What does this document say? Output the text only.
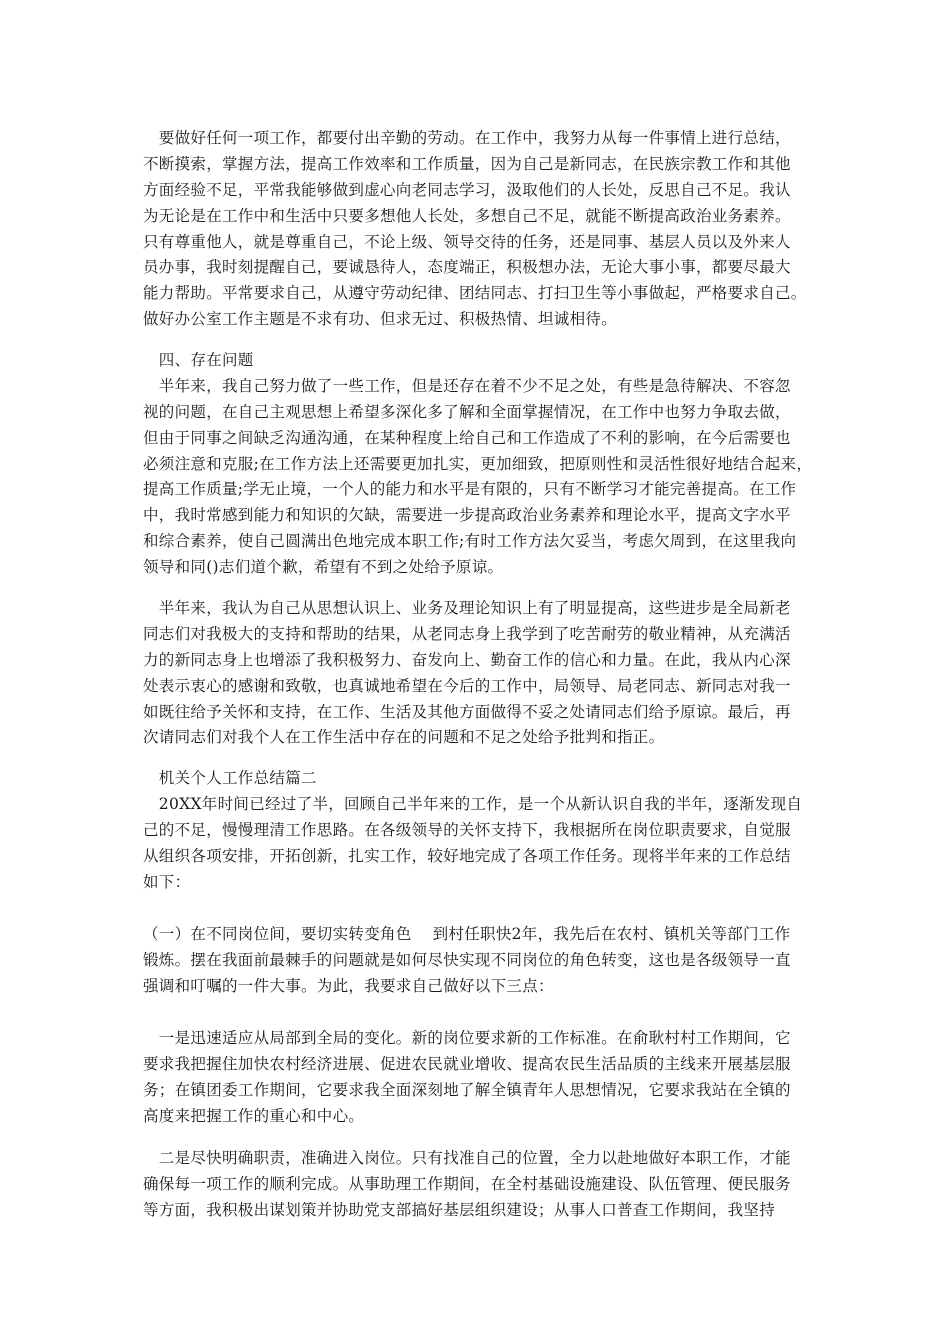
　要做好任何一项工作，都要付出辛勤的劳动。在工作中，我努力从每一件事情上进行总结，
不断摸索，掌握方法，提高工作效率和工作质量，因为自己是新同志，在民族宗教工作和其他
方面经验不足，平常我能够做到虚心向老同志学习，汲取他们的人长处，反思自己不足。我认
为无论是在工作中和生活中只要多想他人长处，多想自己不足，就能不断提高政治业务素养。
只有尊重他人，就是尊重自己，不论上级、领导交待的任务，还是同事、基层人员以及外来人
员办事，我时刻提醒自己，要诚恳待人，态度端正，积极想办法，无论大事小事，都要尽最大
能力帮助。平常要求自己，从遵守劳动纪律、团结同志、打扫卫生等小事做起，严格要求自己。
做好办公室工作主题是不求有功、但求无过、积极热情、坦诚相待。
　四、存在问题
　半年来，我自己努力做了一些工作，但是还存在着不少不足之处，有些是急待解决、不容忽
视的问题，在自己主观思想上希望多深化多了解和全面掌握情况，在工作中也努力争取去做，
但由于同事之间缺乏沟通沟通，在某种程度上给自己和工作造成了不利的影响，在今后需要也
必须注意和克服;在工作方法上还需要更加扎实，更加细致，把原则性和灵活性很好地结合起来，
提高工作质量;学无止境，一个人的能力和水平是有限的，只有不断学习才能完善提高。在工作
中，我时常感到能力和知识的欠缺，需要进一步提高政治业务素养和理论水平，提高文字水平
和综合素养，使自己圆满出色地完成本职工作;有时工作方法欠妥当，考虑欠周到，在这里我向
领导和同()志们道个歉，希望有不到之处给予原谅。
　半年来，我认为自己从思想认识上、业务及理论知识上有了明显提高，这些进步是全局新老
同志们对我极大的支持和帮助的结果，从老同志身上我学到了吃苦耐劳的敬业精神，从充满活
力的新同志身上也增添了我积极努力、奋发向上、勤奋工作的信心和力量。在此，我从内心深
处表示衷心的感谢和致敬，也真诚地希望在今后的工作中，局领导、局老同志、新同志对我一
如既往给予关怀和支持，在工作、生活及其他方面做得不妥之处请同志们给予原谅。最后，再
次请同志们对我个人在工作生活中存在的问题和不足之处给予批判和指正。
　机关个人工作总结篇二
　20XX年时间已经过了半，回顾自己半年来的工作，是一个从新认识自我的半年，逐渐发现自
己的不足，慢慢理清工作思路。在各级领导的关怀支持下，我根据所在岗位职责要求，自觉服
从组织各项安排，开拓创新，扎实工作，较好地完成了各项工作任务。现将半年来的工作总结
如下：
（一）在不同岗位间，要切实转变角色　 到村任职快2年，我先后在农村、镇机关等部门工作
锻炼。摆在我面前最棘手的问题就是如何尽快实现不同岗位的角色转变，这也是各级领导一直
强调和叮嘱的一件大事。为此，我要求自己做好以下三点：
　一是迅速适应从局部到全局的变化。新的岗位要求新的工作标准。在俞耿村村工作期间，它
要求我把握住加快农村经济进展、促进农民就业增收、提高农民生活品质的主线来开展基层服
务；在镇团委工作期间，它要求我全面深刻地了解全镇青年人思想情况，它要求我站在全镇的
高度来把握工作的重心和中心。
　二是尽快明确职责，准确进入岗位。只有找准自己的位置，全力以赴地做好本职工作，才能
确保每一项工作的顺利完成。从事助理工作期间，在全村基础设施建设、队伍管理、便民服务
等方面，我积极出谋划策并协助党支部搞好基层组织建设；从事人口普查工作期间，我坚持
